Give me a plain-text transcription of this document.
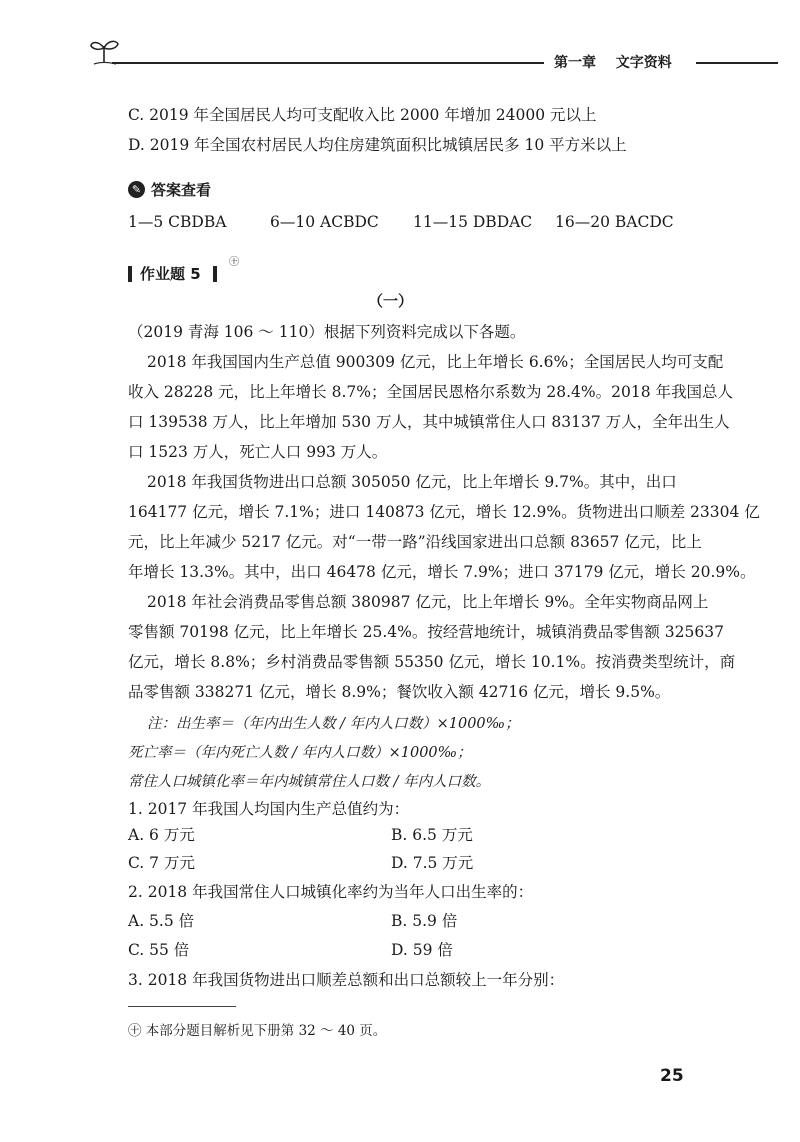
第一章 文字资料
C. 2019 年全国居民人均可支配收入比 2000 年增加 24000 元以上
D. 2019 年全国农村居民人均住房建筑面积比城镇居民多 10 平方米以上
✎ 答案查看
1—5 CBDBA	6—10 ACBDC 11—15 DBDAC 16—20 BACDC
作业题 5
㊉
（一）
（2019 青海 106 ～ 110）根据下列资料完成以下各题。
2018 年我国国内生产总值 900309 亿元，比上年增长 6.6%；全国居民人均可支配
收入 28228 元，比上年增长 8.7%；全国居民恩格尔系数为 28.4%。2018 年我国总人
口 139538 万人，比上年增加 530 万人，其中城镇常住人口 83137 万人，全年出生人
口 1523 万人，死亡人口 993 万人。
2018 年我国货物进出口总额 305050 亿元，比上年增长 9.7%。其中，出口
164177 亿元，增长 7.1%；进口 140873 亿元，增长 12.9%。货物进出口顺差 23304 亿
元，比上年减少 5217 亿元。对“一带一路”沿线国家进出口总额 83657 亿元，比上
年增长 13.3%。其中，出口 46478 亿元，增长 7.9%；进口 37179 亿元，增长 20.9%。
2018 年社会消费品零售总额 380987 亿元，比上年增长 9%。全年实物商品网上
零售额 70198 亿元，比上年增长 25.4%。按经营地统计，城镇消费品零售额 325637
亿元，增长 8.8%；乡村消费品零售额 55350 亿元，增长 10.1%。按消费类型统计，商
品零售额 338271 亿元，增长 8.9%；餐饮收入额 42716 亿元，增长 9.5%。
注：出生率＝（年内出生人数 / 年内人口数）×1000‰；
死亡率＝（年内死亡人数 / 年内人口数）×1000‰；
常住人口城镇化率＝年内城镇常住人口数 / 年内人口数。
1. 2017 年我国人均国内生产总值约为：
A. 6 万元	B. 6.5 万元
C. 7 万元	D. 7.5 万元
2. 2018 年我国常住人口城镇化率约为当年人口出生率的：
A. 5.5 倍	B. 5.9 倍
C. 55 倍	D. 59 倍
3. 2018 年我国货物进出口顺差总额和出口总额较上一年分别：
㊉ 本部分题目解析见下册第 32 ～ 40 页。
25
